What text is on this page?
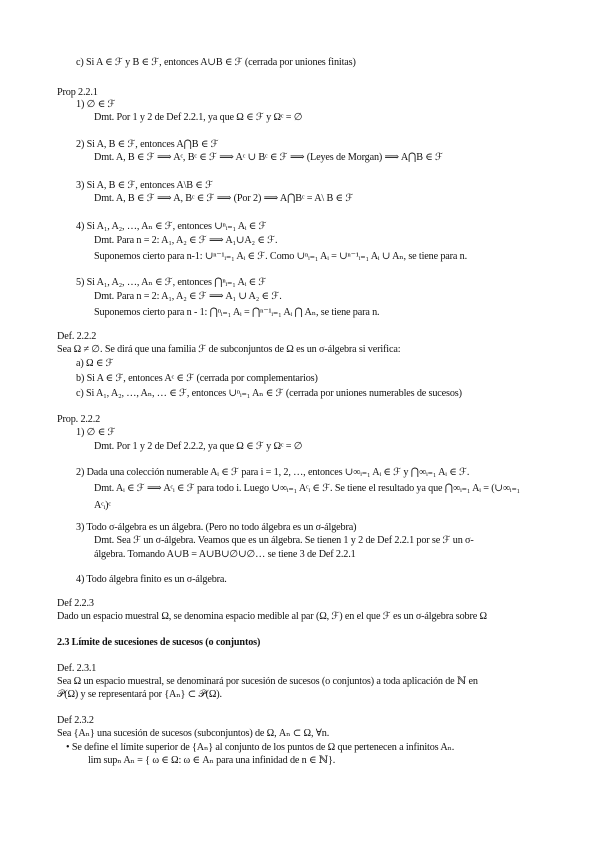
c) Si A ∈ ℱ y B ∈ ℱ, entonces A∪B ∈ ℱ (cerrada por uniones finitas)
Prop 2.2.1
1) ∅ ∈ ℱ
Dmt. Por 1 y 2 de Def 2.2.1, ya que Ω ∈ ℱ y Ωᶜ = ∅
2) Si A, B ∈ ℱ, entonces A⋂B ∈ ℱ
Dmt. A, B ∈ ℱ ⟹ Aᶜ, Bᶜ ∈ ℱ ⟹ Aᶜ ∪ Bᶜ ∈ ℱ ⟹ (Leyes de Morgan) ⟹ A⋂B ∈ ℱ
3) Si A, B ∈ ℱ, entonces A\B ∈ ℱ
Dmt. A, B ∈ ℱ ⟹ A, Bᶜ ∈ ℱ ⟹ (Por 2) ⟹ A⋂Bᶜ = A\ B ∈ ℱ
4) Si A₁, A₂, …, Aₙ ∈ ℱ, entonces ∪ⁿᵢ₌₁ Aᵢ ∈ ℱ
Dmt. Para n = 2: A₁, A₂ ∈ ℱ ⟹ A₁∪A₂ ∈ ℱ.
Suponemos cierto para n-1: ∪ⁿ⁻¹ᵢ₌₁ Aᵢ ∈ ℱ. Como ∪ⁿᵢ₌₁ Aᵢ = ∪ⁿ⁻¹ᵢ₌₁ Aᵢ ∪ Aₙ, se tiene para n.
5) Si A₁, A₂, …, Aₙ ∈ ℱ, entonces ⋂ⁿᵢ₌₁ Aᵢ ∈ ℱ
Dmt. Para n = 2: A₁, A₂ ∈ ℱ ⟹ A₁ ∪ A₂ ∈ ℱ.
Suponemos cierto para n - 1: ⋂ⁿᵢ₌₁ Aᵢ = ⋂ⁿ⁻¹ᵢ₌₁ Aᵢ ⋂ Aₙ, se tiene para n.
Def. 2.2.2
Sea Ω ≠ ∅. Se dirá que una familia ℱ de subconjuntos de Ω es un σ-álgebra si verifica:
a) Ω ∈ ℱ
b) Si A ∈ ℱ, entonces Aᶜ ∈ ℱ (cerrada por complementarios)
c) Si A₁, A₂, …, Aₙ, … ∈ ℱ, entonces ∪ⁿᵢ₌₁ Aₙ ∈ ℱ (cerrada por uniones numerables de sucesos)
Prop. 2.2.2
1) ∅ ∈ ℱ
Dmt. Por 1 y 2 de Def 2.2.2, ya que Ω ∈ ℱ y Ωᶜ = ∅
2) Dada una colección numerable Aᵢ ∈ ℱ para i = 1, 2, …, entonces ∪∞ᵢ₌₁ Aᵢ ∈ ℱ y ⋂∞ᵢ₌₁ Aᵢ ∈ ℱ.
Dmt. Aᵢ ∈ ℱ ⟹ Aᶜᵢ ∈ ℱ para todo i. Luego ∪∞ᵢ₌₁ Aᶜᵢ ∈ ℱ. Se tiene el resultado ya que ⋂∞ᵢ₌₁ Aᵢ = (∪∞ᵢ₌₁
Aᶜᵢ)ᶜ
3) Todo σ-álgebra es un álgebra. (Pero no todo álgebra es un σ-álgebra)
Dmt. Sea ℱ un σ-álgebra. Veamos que es un álgebra. Se tienen 1 y 2 de Def 2.2.1 por se ℱ un σ-
álgebra. Tomando A∪B = A∪B∪∅∪∅… se tiene 3 de Def 2.2.1
4) Todo álgebra finito es un σ-álgebra.
Def 2.2.3
Dado un espacio muestral Ω, se denomina espacio medible al par (Ω, ℱ) en el que ℱ es un σ-álgebra sobre Ω
2.3 Límite de sucesiones de sucesos (o conjuntos)
Def. 2.3.1
Sea Ω un espacio muestral, se denominará por sucesión de sucesos (o conjuntos) a toda aplicación de ℕ en
𝒫(Ω) y se representará por {Aₙ} ⊂ 𝒫(Ω).
Def 2.3.2
Sea {Aₙ} una sucesión de sucesos (subconjuntos) de Ω, Aₙ ⊂ Ω, ∀n.
• Se define el límite superior de {Aₙ} al conjunto de los puntos de Ω que pertenecen a infinitos Aₙ.
lim supₙ Aₙ = { ω ∈ Ω: ω ∈ Aₙ para una infinidad de n ∈ ℕ}.
